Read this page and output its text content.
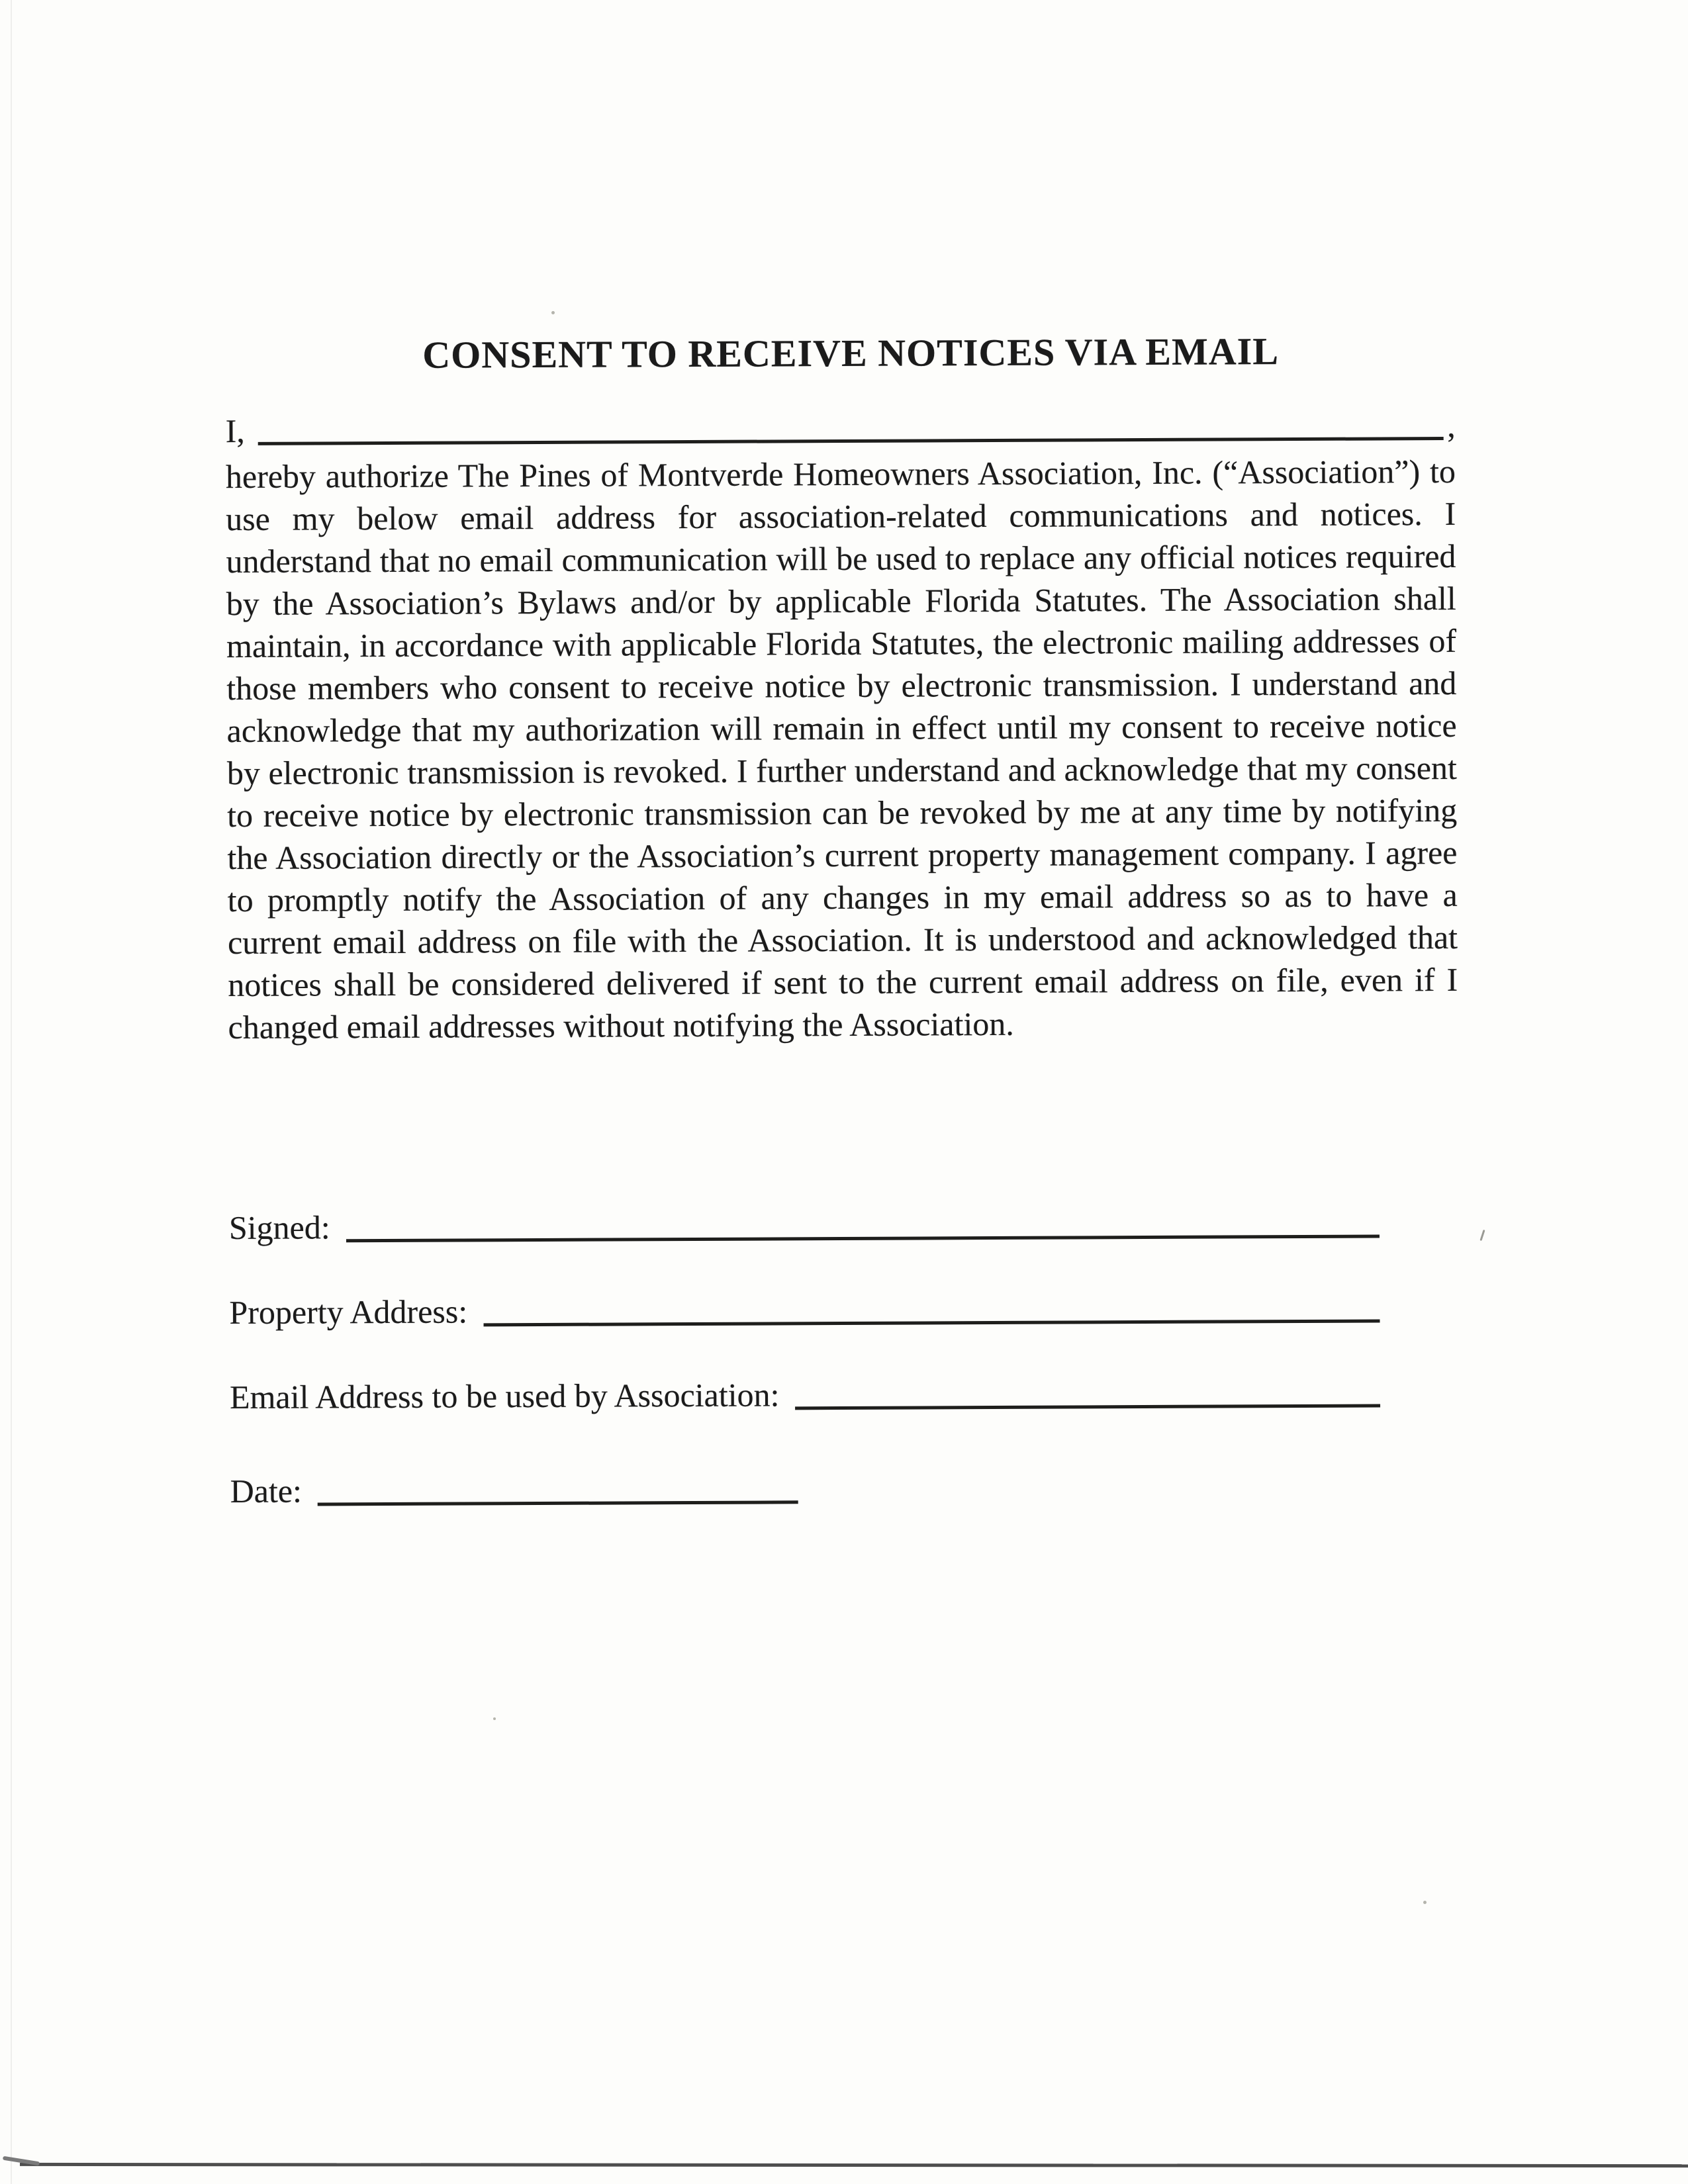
CONSENT TO RECEIVE NOTICES VIA EMAIL
I,	,
hereby authorize The Pines of Montverde Homeowners Association, Inc. (“Association”) to use my below email address for association-related communications and notices. I understand that no email communication will be used to replace any official notices required by the Association’s Bylaws and/or by applicable Florida Statutes. The Association shall maintain, in accordance with applicable Florida Statutes, the electronic mailing addresses of those members who consent to receive notice by electronic transmission. I understand and acknowledge that my authorization will remain in effect until my consent to receive notice by electronic transmission is revoked. I further understand and acknowledge that my consent to receive notice by electronic transmission can be revoked by me at any time by notifying the Association directly or the Association’s current property management company. I agree to promptly notify the Association of any changes in my email address so as to have a current email address on file with the Association. It is understood and acknowledged that notices shall be considered delivered if sent to the current email address on file, even if I changed email addresses without notifying the Association.
Signed:
Property Address:
Email Address to be used by Association:
Date:
